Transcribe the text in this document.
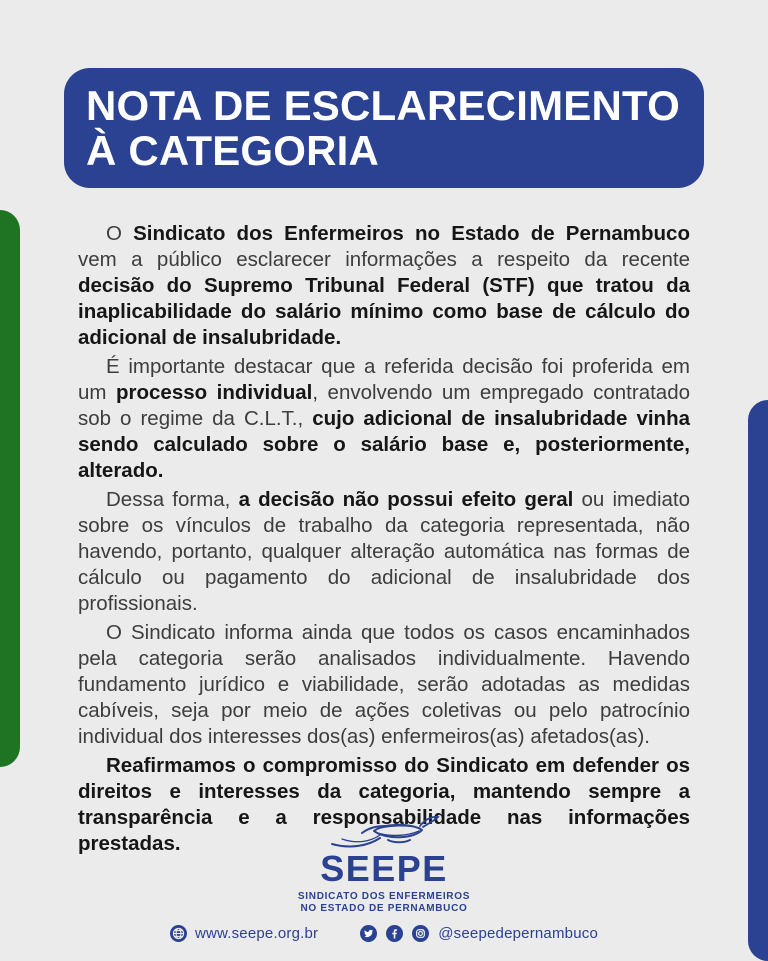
NOTA DE ESCLARECIMENTO
À CATEGORIA

O Sindicato dos Enfermeiros no Estado de Pernambuco vem a público esclarecer informações a respeito da recente decisão do Supremo Tribunal Federal (STF) que tratou da inaplicabilidade do salário mínimo como base de cálculo do adicional de insalubridade.

É importante destacar que a referida decisão foi proferida em um processo individual, envolvendo um empregado contratado sob o regime da C.L.T., cujo adicional de insalubridade vinha sendo calculado sobre o salário base e, posteriormente, alterado.

Dessa forma, a decisão não possui efeito geral ou imediato sobre os vínculos de trabalho da categoria representada, não havendo, portanto, qualquer alteração automática nas formas de cálculo ou pagamento do adicional de insalubridade dos profissionais.

O Sindicato informa ainda que todos os casos encaminhados pela categoria serão analisados individualmente. Havendo fundamento jurídico e viabilidade, serão adotadas as medidas cabíveis, seja por meio de ações coletivas ou pelo patrocínio individual dos interesses dos(as) enfermeiros(as) afetados(as).

Reafirmamos o compromisso do Sindicato em defender os direitos e interesses da categoria, mantendo sempre a transparência e a responsabilidade nas informações prestadas.

SEEPE
SINDICATO DOS ENFERMEIROS
NO ESTADO DE PERNAMBUCO
www.seepe.org.br	@seepedepernambuco
